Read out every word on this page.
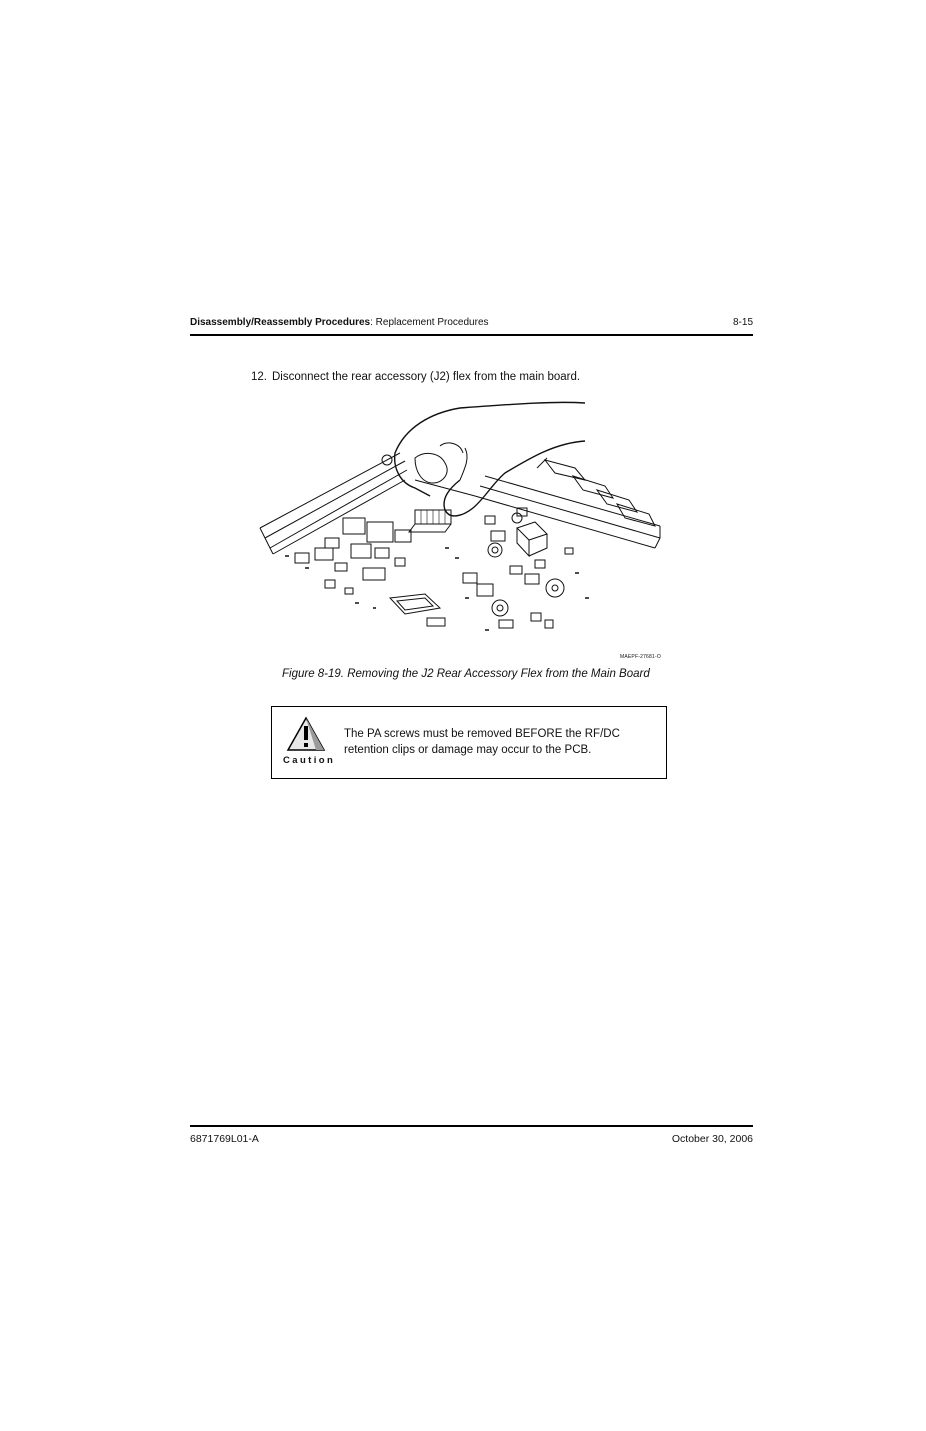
Disassembly/Reassembly Procedures: Replacement Procedures	8-15
12. Disconnect the rear accessory (J2) flex from the main board.
MAEPF-27681-O
Figure 8-19. Removing the J2 Rear Accessory Flex from the Main Board
Caution
The PA screws must be removed BEFORE the RF/DC retention clips or damage may occur to the PCB.
6871769L01-A	October 30, 2006
